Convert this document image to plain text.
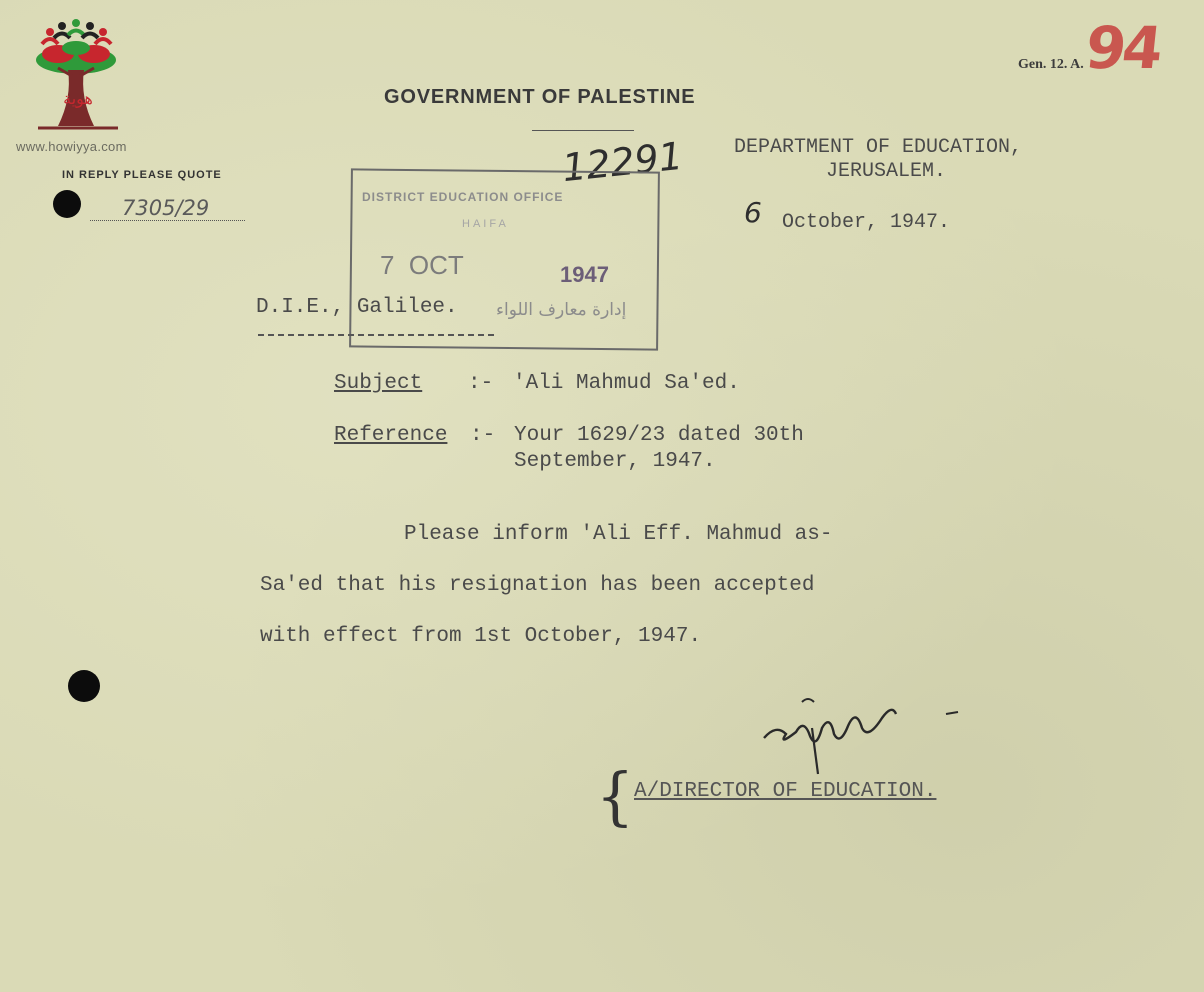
هوية
www.howiyya.com
Gen. 12. A.
94
GOVERNMENT OF PALESTINE
IN REPLY PLEASE QUOTE
7305/29
12291 DEPARTMENT OF EDUCATION,
JERUSALEM.
6 October, 1947.
DISTRICT EDUCATION OFFICE
HAIFA
7 OCT	1947
إدارة معارف اللواء
D.I.E., Galilee.
Subject :- 'Ali Mahmud Sa'ed.
Reference :- Your 1629/23 dated 30th
September, 1947.
Please inform 'Ali Eff. Mahmud as-
Sa'ed that his resignation has been accepted
with effect from 1st October, 1947.
{ A/DIRECTOR OF EDUCATION.
